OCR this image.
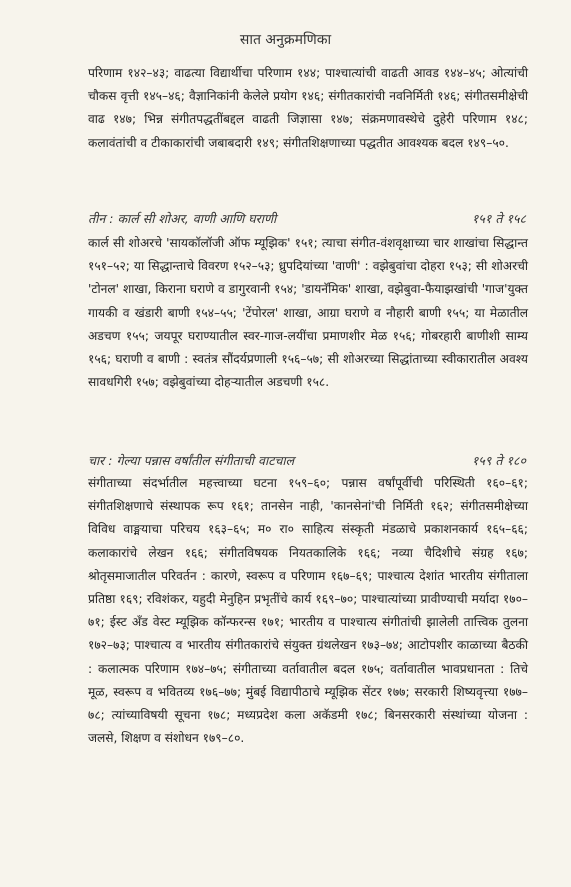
सात अनुक्रमणिका

परिणाम १४२–४३; वाढत्या विद्यार्थीचा परिणाम १४४; पाश्चात्यांची वाढती आवड १४४–४५; ओत्यांची चौकस वृत्ती १४५–४६; वैज्ञानिकांनी केलेले प्रयोग १४६; संगीतकारांची नवनिर्मिती १४६; संगीतसमीक्षेची वाढ १४७; भिन्न संगीतपद्धतींबद्दल वाढती जिज्ञासा १४७; संक्रमणावस्थेचे दुहेरी परिणाम १४८; कलावंतांची व टीकाकारांची जबाबदारी १४९; संगीतशिक्षणाच्या पद्धतीत आवश्यक बदल १४९–५०.

तीन : कार्ल सी शोअर, वाणी आणि घराणी	१५१ ते १५८

कार्ल सी शोअरचे 'सायकॉलॉजी ऑफ म्यूझिक' १५१; त्याचा संगीत-वंशवृक्षाच्या चार शाखांचा सिद्धान्त १५१–५२; या सिद्धान्ताचे विवरण १५२–५३; ध्रुपदियांच्या 'वाणी' : वझेबुवांचा दोहरा १५३; सी शोअरची 'टोनल' शाखा, किराना घराणे व डागुरवानी १५४; 'डायनॅमिक' शाखा, वझेबुवा-फैयाझखांची 'गाज'युक्त गायकी व खंडारी बाणी १५४–५५; 'टेंपोरल' शाखा, आग्रा घराणे व नौहारी बाणी १५५; या मेळातील अडचण १५५; जयपूर घराण्यातील स्वर-गाज-लयींचा प्रमाणशीर मेळ १५६; गोबरहारी बाणीशी साम्य १५६; घराणी व बाणी : स्वतंत्र सौंदर्यप्रणाली १५६–५७; सी शोअरच्या सिद्धांताच्या स्वीकारातील अवश्य सावधगिरी १५७; वझेबुवांच्या दोहऱ्यातील अडचणी १५८.

चार : गेल्या पन्नास वर्षांतील संगीताची वाटचाल	१५९ ते १८०

संगीताच्या संदर्भातील महत्त्वाच्या घटना १५९–६०; पन्नास वर्षांपूर्वीची परिस्थिती १६०–६१; संगीतशिक्षणाचे संस्थापक रूप १६१; तानसेन नाही, 'कानसेनां'ची निर्मिती १६२; संगीतसमीक्षेच्या विविध वाङ्मयाचा परिचय १६३–६५; म० रा० साहित्य संस्कृती मंडळाचे प्रकाशनकार्य १६५–६६; कलाकारांचे लेखन १६६; संगीतविषयक नियतकालिके १६६; नव्या चैदिशीचे संग्रह १६७; श्रोतृसमाजातील परिवर्तन : कारणे, स्वरूप व परिणाम १६७–६९; पाश्चात्य देशांत भारतीय संगीताला प्रतिष्ठा १६९; रविशंकर, यहुदी मेनुहिन प्रभृतींचे कार्य १६९–७०; पाश्चात्यांच्या प्रावीण्याची मर्यादा १७०–७१; ईस्ट अँड वेस्ट म्यूझिक कॉन्फरन्स १७१; भारतीय व पाश्चात्य संगीतांची झालेली तात्त्विक तुलना १७२–७३; पाश्चात्य व भारतीय संगीतकारांचे संयुक्त ग्रंथलेखन १७३–७४; आटोपशीर काळाच्या बैठकी : कलात्मक परिणाम १७४–७५; संगीताच्या वर्तावातील बदल १७५; वर्तावातील भावप्रधानता : तिचे मूळ, स्वरूप व भवितव्य १७६–७७; मुंबई विद्यापीठाचे म्यूझिक सेंटर १७७; सरकारी शिष्यवृत्त्या १७७–७८; त्यांच्याविषयी सूचना १७८; मध्यप्रदेश कला अकॅडमी १७८; बिनसरकारी संस्थांच्या योजना : जलसे, शिक्षण व संशोधन १७९–८०.
